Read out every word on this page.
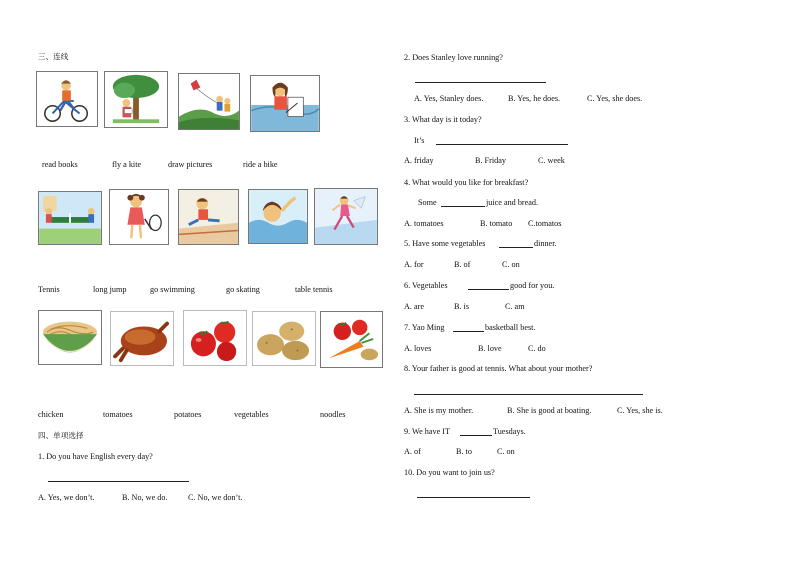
三、连线
read books	fly a kite	draw pictures	ride a bike
Tennis	long jump	go swimming	go skating	table tennis
chicken	tomatoes	potatoes	vegetables	noodles
四、单项选择
1. Do you have English every day?
A. Yes, we don’t.	B. No, we do.	C. No, we don’t.
2. Does Stanley love running?
A. Yes, Stanley does.	B. Yes, he does.	C. Yes, she does.
3. What day is it today?
It’s
A. friday	B. Friday	C. week
4. What would you like for breakfast?
Some	juice and bread.
A. tomatoes	B. tomato C.tomatos
5. Have some vegetables	dinner.
A. for	B. of	C. on
6. Vegetables	good for you.
A. are	B. is	C. am
7. Yao Ming	basketball best.
A. loves	B. love	C. do
8. Your father is good at tennis. What about your mother?
A. She is my mother.	B. She is good at boating.	C. Yes, she is.
9. We have IT	Tuesdays.
A. of	B. to	C. on
10. Do you want to join us?
